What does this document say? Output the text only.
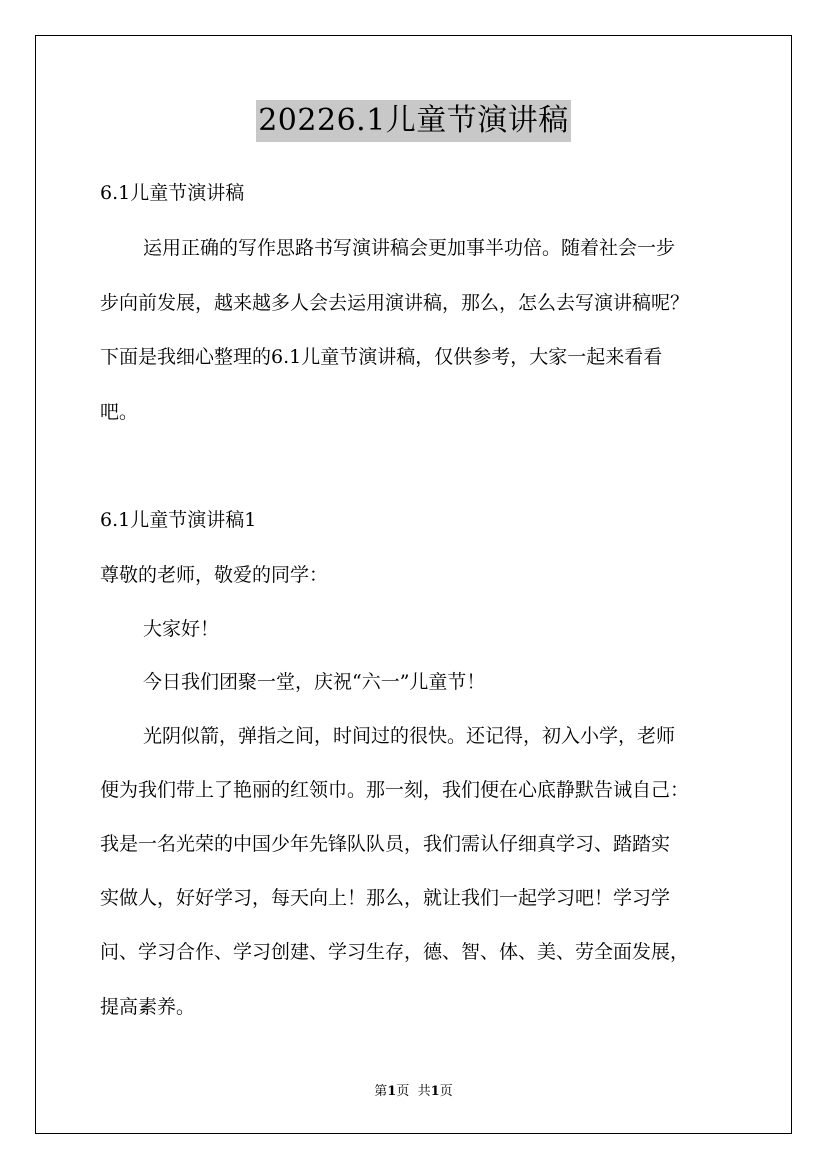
20226.1儿童节演讲稿
6.1儿童节演讲稿
运用正确的写作思路书写演讲稿会更加事半功倍。随着社会一步
步向前发展，越来越多人会去运用演讲稿，那么，怎么去写演讲稿呢？
下面是我细心整理的6.1儿童节演讲稿，仅供参考，大家一起来看看
吧。
6.1儿童节演讲稿1
尊敬的老师，敬爱的同学：
大家好！
今日我们团聚一堂，庆祝“六一”儿童节！
光阴似箭，弹指之间，时间过的很快。还记得，初入小学，老师
便为我们带上了艳丽的红领巾。那一刻，我们便在心底静默告诫自己：
我是一名光荣的中国少年先锋队队员，我们需认仔细真学习、踏踏实
实做人，好好学习，每天向上！那么，就让我们一起学习吧！学习学
问、学习合作、学习创建、学习生存，德、智、体、美、劳全面发展，
提高素养。
第1页 共1页
